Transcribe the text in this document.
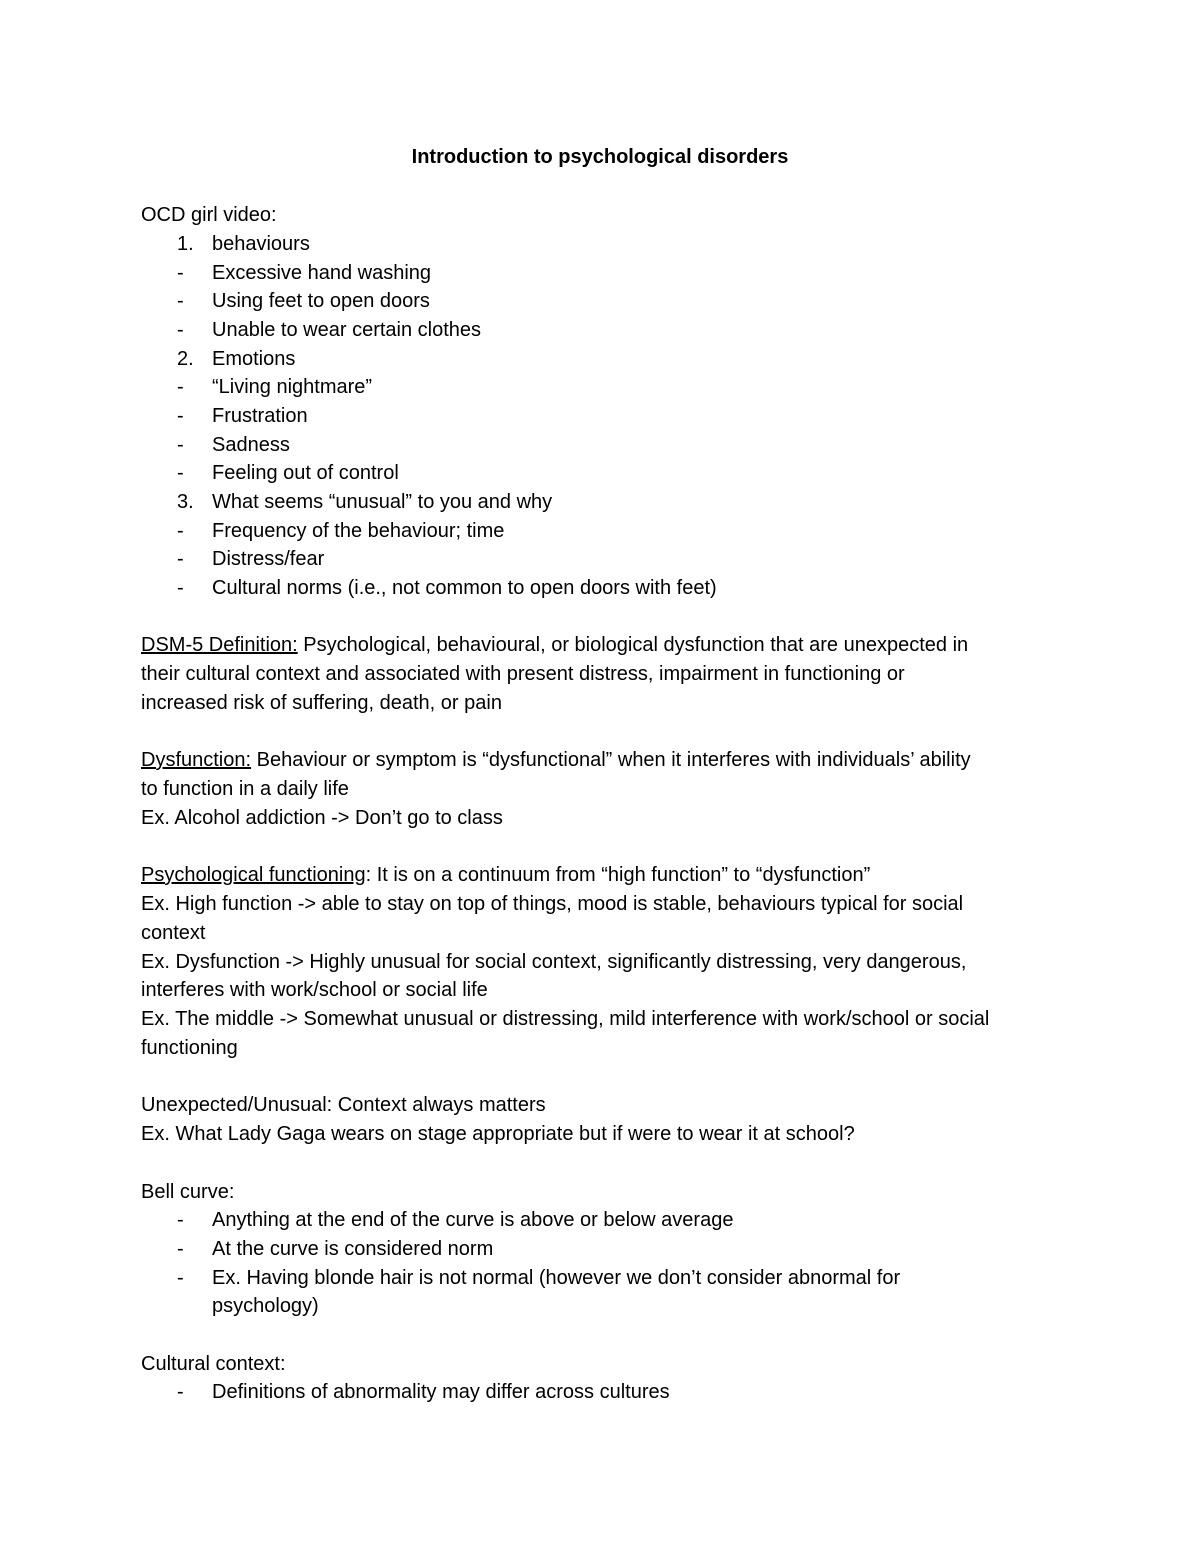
Introduction to psychological disorders
OCD girl video:
1. behaviours
- Excessive hand washing
- Using feet to open doors
- Unable to wear certain clothes
2. Emotions
- “Living nightmare”
- Frustration
- Sadness
- Feeling out of control
3. What seems “unusual” to you and why
- Frequency of the behaviour; time
- Distress/fear
- Cultural norms (i.e., not common to open doors with feet)
DSM-5 Definition: Psychological, behavioural, or biological dysfunction that are unexpected in
their cultural context and associated with present distress, impairment in functioning or
increased risk of suffering, death, or pain
Dysfunction: Behaviour or symptom is “dysfunctional” when it interferes with individuals’ ability
to function in a daily life
Ex. Alcohol addiction -> Don’t go to class
Psychological functioning: It is on a continuum from “high function” to “dysfunction”
Ex. High function -> able to stay on top of things, mood is stable, behaviours typical for social
context
Ex. Dysfunction -> Highly unusual for social context, significantly distressing, very dangerous,
interferes with work/school or social life
Ex. The middle -> Somewhat unusual or distressing, mild interference with work/school or social
functioning
Unexpected/Unusual: Context always matters
Ex. What Lady Gaga wears on stage appropriate but if were to wear it at school?
Bell curve:
- Anything at the end of the curve is above or below average
- At the curve is considered norm
- Ex. Having blonde hair is not normal (however we don’t consider abnormal for
psychology)
Cultural context:
- Definitions of abnormality may differ across cultures
